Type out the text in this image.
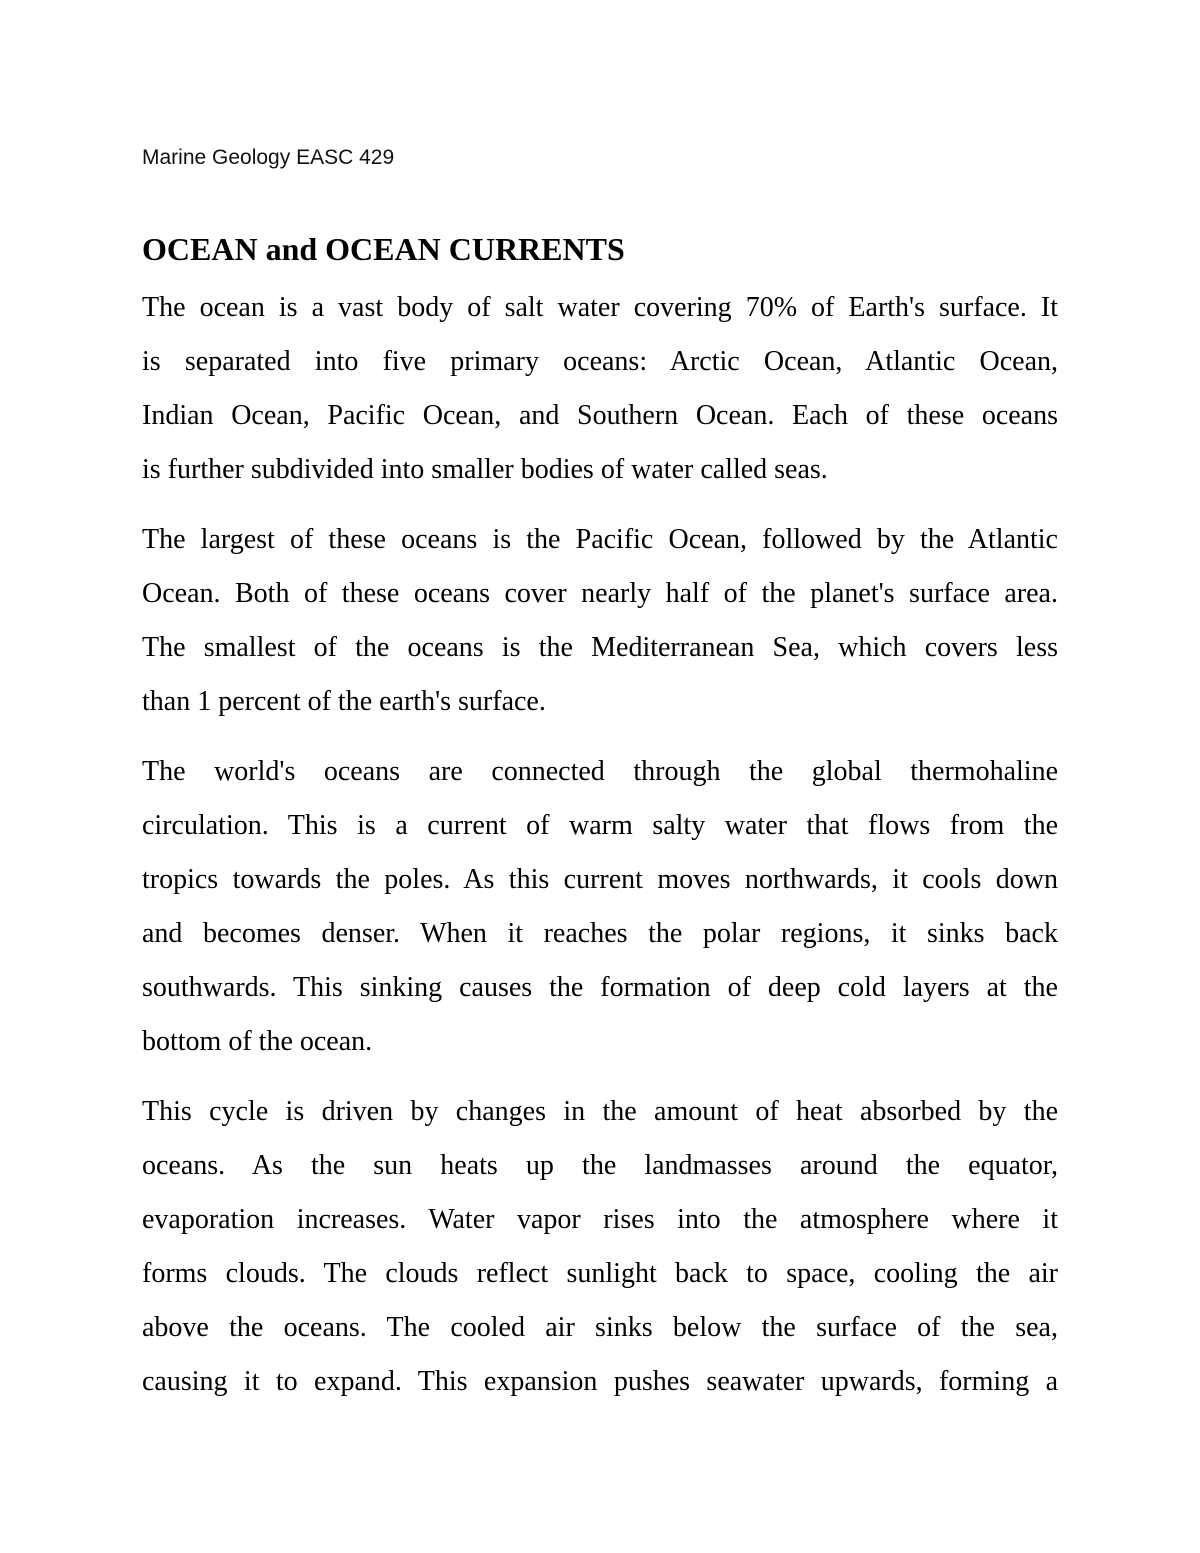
Marine Geology EASC 429
OCEAN and OCEAN CURRENTS
The ocean is a vast body of salt water covering 70% of Earth's surface. It
is separated into five primary oceans: Arctic Ocean, Atlantic Ocean,
Indian Ocean, Pacific Ocean, and Southern Ocean. Each of these oceans
is further subdivided into smaller bodies of water called seas.
The largest of these oceans is the Pacific Ocean, followed by the Atlantic
Ocean. Both of these oceans cover nearly half of the planet's surface area.
The smallest of the oceans is the Mediterranean Sea, which covers less
than 1 percent of the earth's surface.
The world's oceans are connected through the global thermohaline
circulation. This is a current of warm salty water that flows from the
tropics towards the poles. As this current moves northwards, it cools down
and becomes denser. When it reaches the polar regions, it sinks back
southwards. This sinking causes the formation of deep cold layers at the
bottom of the ocean.
This cycle is driven by changes in the amount of heat absorbed by the
oceans. As the sun heats up the landmasses around the equator,
evaporation increases. Water vapor rises into the atmosphere where it
forms clouds. The clouds reflect sunlight back to space, cooling the air
above the oceans. The cooled air sinks below the surface of the sea,
causing it to expand. This expansion pushes seawater upwards, forming a
